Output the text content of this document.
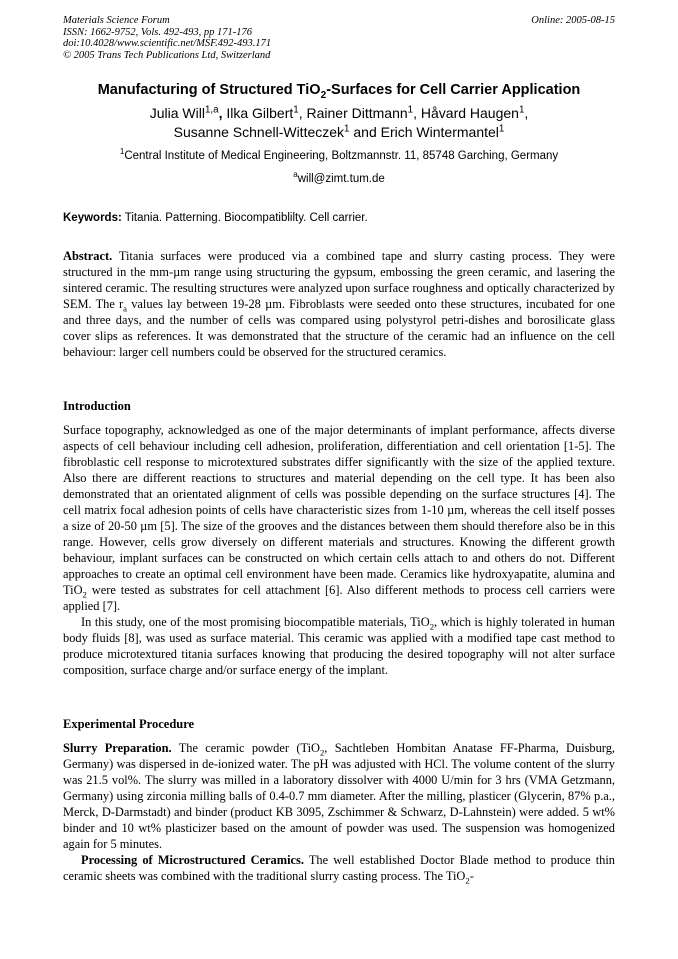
Materials Science Forum
ISSN: 1662-9752, Vols. 492-493, pp 171-176
doi:10.4028/www.scientific.net/MSF.492-493.171
© 2005 Trans Tech Publications Ltd, Switzerland
Online: 2005-08-15
Manufacturing of Structured TiO$_2$-Surfaces for Cell Carrier Application
Julia Will$^{1,a}$, Ilka Gilbert$^1$, Rainer Dittmann$^1$, Håvard Haugen$^1$,
Susanne Schnell-Witteczek$^1$ and Erich Wintermantel$^1$
$^1$Central Institute of Medical Engineering, Boltzmannstr. 11, 85748 Garching, Germany
$^a$will@zimt.tum.de
Keywords: Titania. Patterning. Biocompatiblilty. Cell carrier.

Abstract. Titania surfaces were produced via a combined tape and slurry casting process. They were structured in the mm-µm range using structuring the gypsum, embossing the green ceramic, and lasering the sintered ceramic. The resulting structures were analyzed upon surface roughness and optically characterized by SEM. The $r_a$ values lay between 19-28 µm. Fibroblasts were seeded onto these structures, incubated for one and three days, and the number of cells was compared using polystyrol petri-dishes and borosilicate glass cover slips as references. It was demonstrated that the structure of the ceramic had an influence on the cell behaviour: larger cell numbers could be observed for the structured ceramics.

Introduction

Surface topography, acknowledged as one of the major determinants of implant performance, affects diverse aspects of cell behaviour including cell adhesion, proliferation, differentiation and cell orientation [1-5]. The fibroblastic cell response to microtextured substrates differ significantly with the size of the applied texture. Also there are different reactions to structures and material depending on the cell type. It has been also demonstrated that an orientated alignment of cells was possible depending on the surface structures [4]. The cell matrix focal adhesion points of cells have characteristic sizes from 1-10 µm, whereas the cell itself posses a size of 20-50 µm [5]. The size of the grooves and the distances between them should therefore also be in this range. However, cells grow diversely on different materials and structures. Knowing the different growth behaviour, implant surfaces can be constructed on which certain cells attach to and others do not. Different approaches to create an optimal cell environment have been made. Ceramics like hydroxyapatite, alumina and TiO$_2$ were tested as substrates for cell attachment [6]. Also different methods to process cell carriers were applied [7].

In this study, one of the most promising biocompatible materials, TiO$_2$, which is highly tolerated in human body fluids [8], was used as surface material. This ceramic was applied with a modified tape cast method to produce microtextured titania surfaces knowing that producing the desired topography will not alter surface composition, surface charge and/or surface energy of the implant.

Experimental Procedure

Slurry Preparation. The ceramic powder (TiO$_2$, Sachtleben Hombitan Anatase FF-Pharma, Duisburg, Germany) was dispersed in de-ionized water. The pH was adjusted with HCl. The volume content of the slurry was 21.5 vol%. The slurry was milled in a laboratory dissolver with 4000 U/min for 3 hrs (VMA Getzmann, Germany) using zirconia milling balls of 0.4-0.7 mm diameter. After the milling, plasticer (Glycerin, 87% p.a., Merck, D-Darmstadt) and binder (product KB 3095, Zschimmer & Schwarz, D-Lahnstein) were added. 5 wt% binder and 10 wt% plasticizer based on the amount of powder was used. The suspension was homogenized again for 5 minutes.

Processing of Microstructured Ceramics. The well established Doctor Blade method to produce thin ceramic sheets was combined with the traditional slurry casting process. The TiO$_2$-
